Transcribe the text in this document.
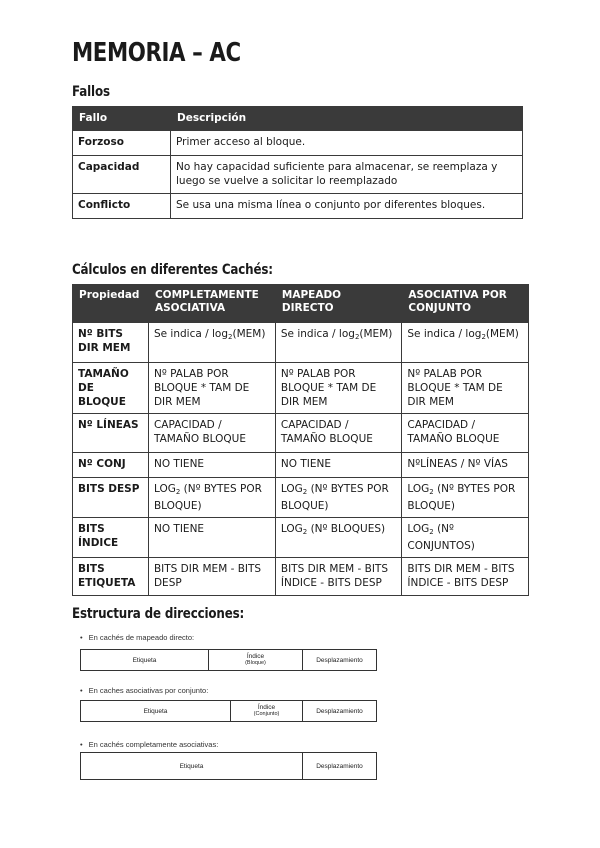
MEMORIA – AC
Fallos
Fallo	Descripción
Forzoso	Primer acceso al bloque.
Capacidad	No hay capacidad suficiente para almacenar, se reemplaza y luego se vuelve a solicitar lo reemplazado
Conflicto	Se usa una misma línea o conjunto por diferentes bloques.
Cálculos en diferentes Cachés:
Propiedad	COMPLETAMENTE ASOCIATIVA	MAPEADO DIRECTO	ASOCIATIVA POR CONJUNTO
Nº BITS DIR MEM	Se indica / $\log_2(MEM)$	Se indica / $\log_2(MEM)$	Se indica / $\log_2(MEM)$
TAMAÑO DE BLOQUE	Nº PALAB POR BLOQUE * TAM DE DIR MEM	Nº PALAB POR BLOQUE * TAM DE DIR MEM	Nº PALAB POR BLOQUE * TAM DE DIR MEM
Nº LÍNEAS	CAPACIDAD / TAMAÑO BLOQUE	CAPACIDAD / TAMAÑO BLOQUE	CAPACIDAD / TAMAÑO BLOQUE
Nº CONJ	NO TIENE	NO TIENE	NºLÍNEAS / Nº VÍAS
BITS DESP	$LOG_2$ (Nº BYTES POR BLOQUE)	$LOG_2$ (Nº BYTES POR BLOQUE)	$LOG_2$ (Nº BYTES POR BLOQUE)
BITS ÍNDICE	NO TIENE	$LOG_2$ (Nº BLOQUES)	$LOG_2$ (Nº CONJUNTOS)
BITS ETIQUETA	BITS DIR MEM - BITS DESP	BITS DIR MEM - BITS ÍNDICE - BITS DESP	BITS DIR MEM - BITS ÍNDICE - BITS DESP
Estructura de direcciones:
• En cachés de mapeado directo:
Etiqueta	Índice
(Bloque)	Desplazamiento
• En caches asociativas por conjunto:
Etiqueta	Índice
(Conjunto)	Desplazamiento
• En cachés completamente asociativas:
Etiqueta	Desplazamiento
